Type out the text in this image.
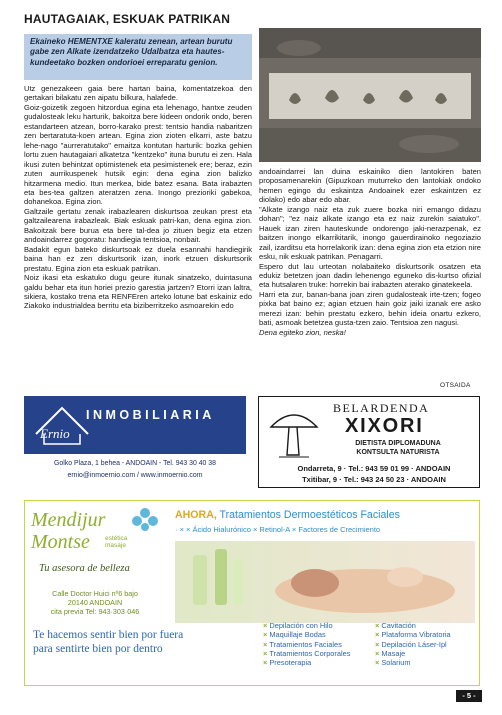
HAUTAGAIAK, ESKUAK PATRIKAN
Ekaineko HEMENTXE kaleratu zenean, artean burutu gabe zen Alkate izendatzeko Udalbatza eta hautes-kundeetako bozken ondorioei erreparatu genion.

Utz genezakeen gaia bere hartan baina, komentatzekoa den gertakari bilakatu zen aipatu bilkura, halafede.

Goiz-goizetik zegoen hitzordua egina eta lehenago, hantxe zeuden gudalosteak leku harturik, bakoitza bere kideen ondorik ondo, beren estandarteen atzean, borro-karako prest: tentsio handia nabaritzen zen bertaratuta-koen artean. Egina zion zioten elkarri, aste batzu lehe-nago "aurreratutako" emaitza kontutan harturik: bozka gehien lortu zuen hautagaiari alkatetza "kentzeko" ituna burutu ei zen. Hala ikusi zuten behintzat optimistenek eta pesimistenek ere; beraz, ezin zuten aurrikuspenek hutsik egin: dena egina zion balizko hitzarmena medio. Itun merkea, bide batez esana. Bata irabazten eta bes-tea galtzen ateratzen zena. Inongo prezioriki gabekoa, dohanekoa. Egina zion.

Galtzaile gertatu zenak irabazlearen diskurtsoa zeukan prest eta galtzailearena irabazleak. Biak eskuak patri-kan, dena egina zion. Bakoitzak bere burua eta bere tal-dea jo zituen begiz eta etzen andoaindarrez gogoratu: handiegia tentsioa, nonbait.

Badakit egun bateko diskurtsoak ez duela esannahi handiegirik baina han ez zen diskurtsorik izan, inork etzuen diskurtsorik prestatu. Egina zion eta eskuak patrikan.

Noiz ikasi eta eskatuko dugu geure itunak sinatzeko, duintasuna galdu behar eta itun horiei prezio garestia jartzen? Etorri izan laltra, sikiera, kostako trena eta RENFEren arteko lotune bat eskainiz edo Ziakoko industrialdea berritu eta biziberritzeko asmoarekin edo

andoaindarrei lan duina eskainiko dien lantokiren baten proposamenarekin (Gipuzkoan muturreko den lantokiak ondoko hemen egingo du eskaintza Andoainek ezer eskaintzen ez diolako) edo abar edo abar.

"Alkate izango naiz eta zuk zuere bozka niri emango didazu dohan"; "ez naiz alkate izango eta ez naiz zurekin saiatuko". Hauek izan ziren hauteskunde ondorengo jaki-nerazpenak, ez baitzen inongo elkarrikitarik, inongo gauerdirainoko negoziazio zail, izarditsu eta horrelakorik izan: dena egina zion eta etzion nire esku, nik eskuak patrikan. Penagarri.

Espero dut lau urteotan nolabaiteko diskurtsorik osatzen eta edukiz betetzen joan dadin lehenengo eguneko dis-kurtso ofizial eta hutsalaren truke: horrekin bai irabazten aterako ginatekeela.

Harri eta zur, banan-bana joan ziren gudalosteak irte-tzen; fogeo pixka bat baino ez; agian etzuen hain goiz jaiki izanak ere asko merezi izan: behin prestatu ezkero, behin ideia onartu ezkero, bati, asmoak betetzea gusta-tzen zaio. Tentsioa zen nagusi.

Dena egiteko zion, neska!

OTSAIDA
Ernio
INMOBILIARIA
Golko Plaza, 1 behea - ANDOAIN - Tel. 943 30 40 38
ernio@inmoernio.com / www.inmoernio.com
BELARDENDA
XIXORI
DIETISTA DIPLOMADUNA
KONTSULTA NATURISTA
Ondarreta, 9 · Tel.: 943 59 01 99 · ANDOAIN
Txitibar, 9 · Tel.: 943 24 50 23 · ANDOAIN
Mendijur
Montse estética
masaje
Tu asesora de belleza
Calle Doctor Huici nº6 bajo
20140 ANDOAIN
cita previa Tel: 943·303·046
Te hacemos sentir bien por fuera
para sentirte bien por dentro
AHORA, Tratamientos Dermoestéticos Faciales
· × × Ácido Hialurónico × Retinol-A × Factores de Crecimiento
× Depilación con Hilo
× Maquillaje Bodas
× Tratamientos Faciales
× Tratamientos Corporales
× Presoterapia
× Cavitación
× Plataforma Vibratoria
× Depilación Láser-Ipl
× Masaje
× Solarium
- 5 -
